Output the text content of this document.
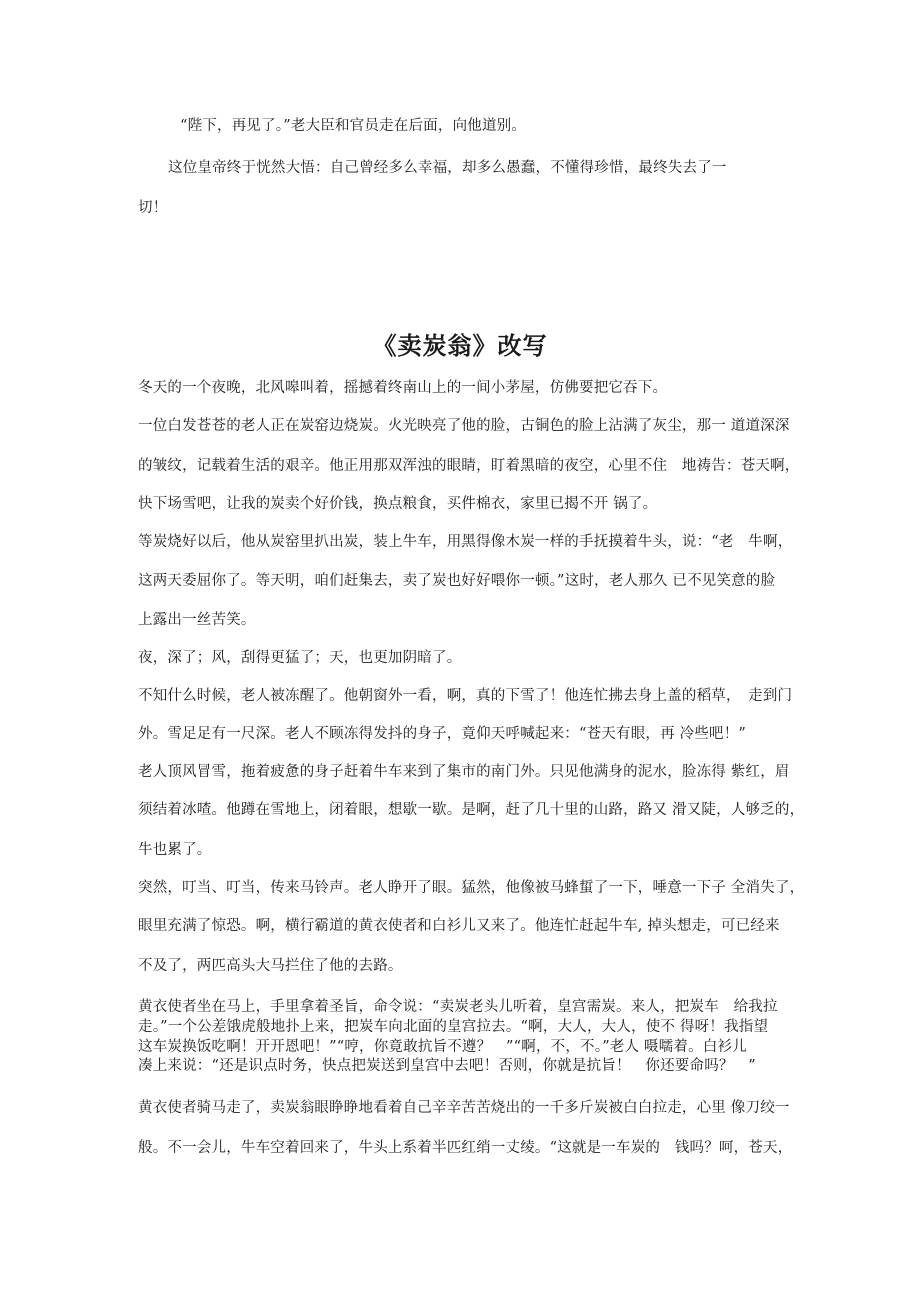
“陛下，再见了。”老大臣和官员走在后面，向他道别。

这位皇帝终于恍然大悟：自己曾经多么幸福，却多么愚蠢，不懂得珍惜，最终失去了一

切！

《卖炭翁》改写

冬天的一个夜晚，北风嗥叫着，摇撼着终南山上的一间小茅屋，仿佛要把它吞下。

一位白发苍苍的老人正在炭窑边烧炭。火光映亮了他的脸，古铜色的脸上沾满了灰尘，那一 道道深深

的皱纹，记载着生活的艰辛。他正用那双浑浊的眼睛，盯着黑暗的夜空，心里不住　地祷告：苍天啊，

快下场雪吧，让我的炭卖个好价钱，换点粮食，买件棉衣，家里已揭不开 锅了。

等炭烧好以后，他从炭窑里扒出炭，装上牛车，用黑得像木炭一样的手抚摸着牛头，说：“老　牛啊，

这两天委屈你了。等天明，咱们赶集去，卖了炭也好好喂你一顿。”这时，老人那久 已不见笑意的脸

上露出一丝苦笑。

夜，深了；风，刮得更猛了；天，也更加阴暗了。

不知什么时候，老人被冻醒了。他朝窗外一看，啊，真的下雪了！他连忙拂去身上盖的稻草，　走到门

外。雪足足有一尺深。老人不顾冻得发抖的身子，竟仰天呼喊起来：“苍天有眼，再 冷些吧！”

老人顶风冒雪，拖着疲惫的身子赶着牛车来到了集市的南门外。只见他满身的泥水，脸冻得 紫红，眉

须结着冰喳。他蹲在雪地上，闭着眼，想歇一歇。是啊，赶了几十里的山路，路又 滑又陡，人够乏的，

牛也累了。

突然，叮当、叮当，传来马铃声。老人睁开了眼。猛然，他像被马蜂蜇了一下，唾意一下子 全消失了，

眼里充满了惊恐。啊，横行霸道的黄衣使者和白衫儿又来了。他连忙赶起牛车, 掉头想走，可已经来

不及了，两匹高头大马拦住了他的去路。

黄衣使者坐在马上，手里拿着圣旨，命令说：“卖炭老头儿听着，皇宫需炭。来人，把炭车　给我拉

走。”一个公差饿虎般地扑上来，把炭车向北面的皇宫拉去。“啊，大人，大人，使不 得呀！我指望

这车炭换饭吃啊！开开恩吧！”“哼，你竟敢抗旨不遵？　”“啊，不，不。”老人 嗫嚅着。白衫儿

凑上来说：“还是识点时务，快点把炭送到皇宫中去吧！否则，你就是抗旨！　你还要命吗？　”

黄衣使者骑马走了，卖炭翁眼睁睁地看着自己辛辛苦苦烧出的一千多斤炭被白白拉走，心里 像刀绞一

般。不一会儿，牛车空着回来了，牛头上系着半匹红绡一丈绫。“这就是一车炭的　钱吗？呵，苍天，
